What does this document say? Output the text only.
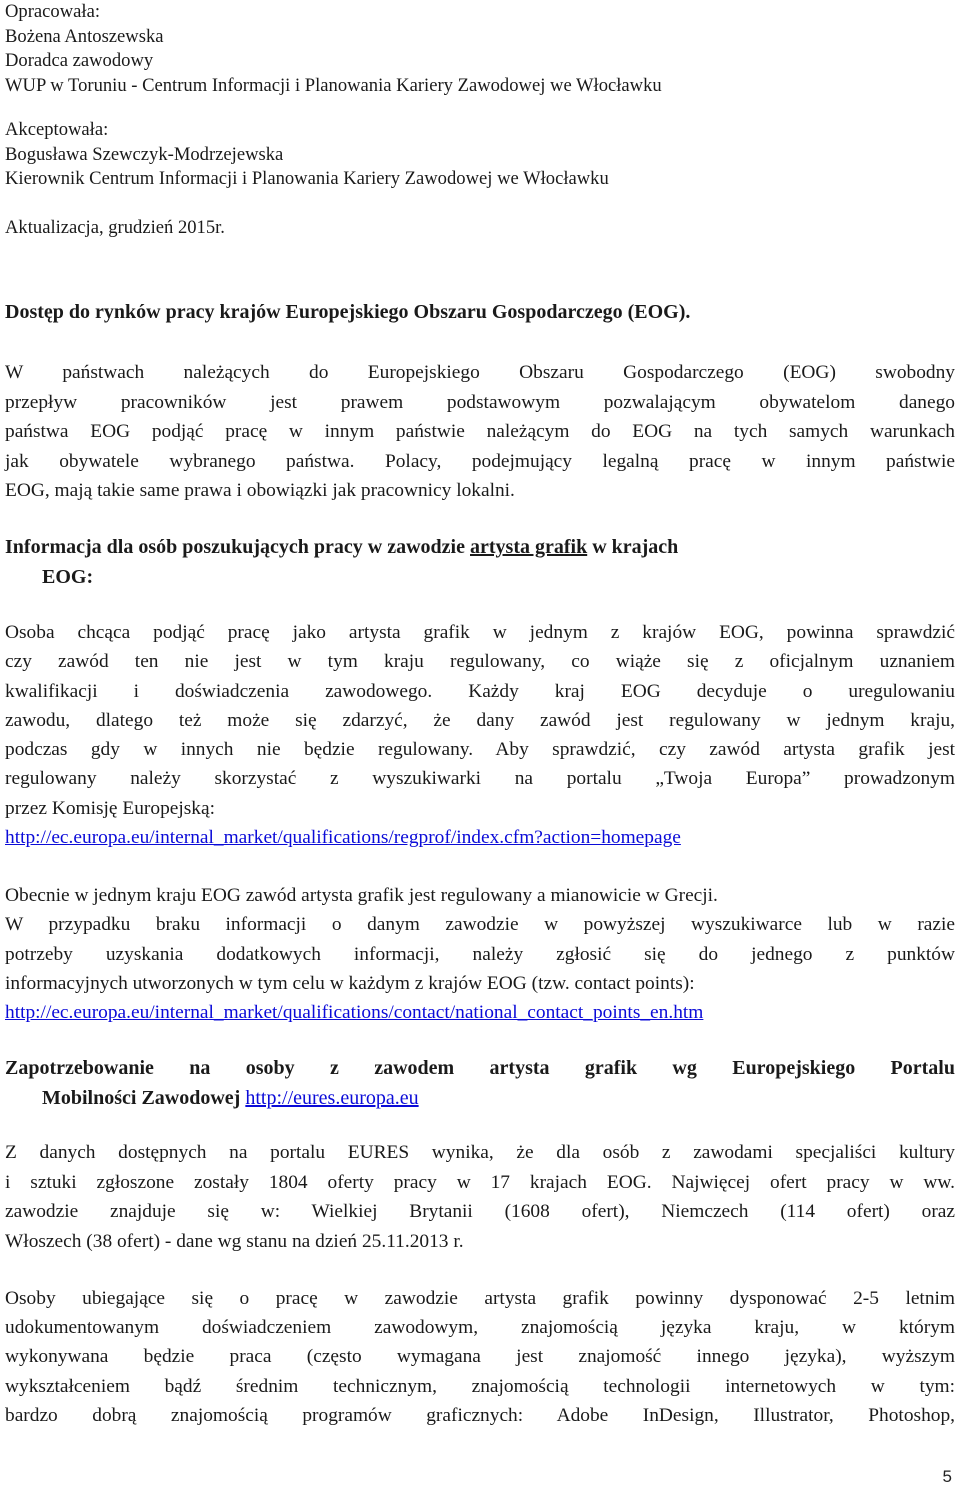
Opracowała:
Bożena Antoszewska
Doradca zawodowy
WUP w Toruniu - Centrum Informacji i Planowania Kariery Zawodowej we Włocławku
Akceptowała:
Bogusława Szewczyk-Modrzejewska
Kierownik Centrum Informacji i Planowania Kariery Zawodowej we Włocławku
Aktualizacja, grudzień 2015r.
Dostęp do rynków pracy krajów Europejskiego Obszaru Gospodarczego (EOG).
W państwach należących do Europejskiego Obszaru Gospodarczego (EOG) swobodny
przepływ pracowników jest prawem podstawowym pozwalającym obywatelom danego
państwa EOG podjąć pracę w innym państwie należącym do EOG na tych samych warunkach
jak obywatele wybranego państwa. Polacy, podejmujący legalną pracę w innym państwie
EOG, mają takie same prawa i obowiązki jak pracownicy lokalni.
Informacja dla osób poszukujących pracy w zawodzie artysta grafik w krajach
EOG:
Osoba chcąca podjąć pracę jako artysta grafik w jednym z krajów EOG, powinna sprawdzić
czy zawód ten nie jest w tym kraju regulowany, co wiąże się z oficjalnym uznaniem
kwalifikacji i doświadczenia zawodowego. Każdy kraj EOG decyduje o uregulowaniu
zawodu, dlatego też może się zdarzyć, że dany zawód jest regulowany w jednym kraju,
podczas gdy w innych nie będzie regulowany. Aby sprawdzić, czy zawód artysta grafik jest
regulowany należy skorzystać z wyszukiwarki na portalu „Twoja Europa” prowadzonym
przez Komisję Europejską:
http://ec.europa.eu/internal_market/qualifications/regprof/index.cfm?action=homepage
Obecnie w jednym kraju EOG zawód artysta grafik jest regulowany a mianowicie w Grecji.
W przypadku braku informacji o danym zawodzie w powyższej wyszukiwarce lub w razie
potrzeby uzyskania dodatkowych informacji, należy zgłosić się do jednego z punktów
informacyjnych utworzonych w tym celu w każdym z krajów EOG (tzw. contact points):
http://ec.europa.eu/internal_market/qualifications/contact/national_contact_points_en.htm
Zapotrzebowanie na osoby z zawodem artysta grafik wg Europejskiego Portalu
Mobilności Zawodowej http://eures.europa.eu
Z danych dostępnych na portalu EURES wynika, że dla osób z zawodami specjaliści kultury
i sztuki zgłoszone zostały 1804 oferty pracy w 17 krajach EOG. Najwięcej ofert pracy w ww.
zawodzie znajduje się w: Wielkiej Brytanii (1608 ofert), Niemczech (114 ofert) oraz
Włoszech (38 ofert) - dane wg stanu na dzień 25.11.2013 r.
Osoby ubiegające się o pracę w zawodzie artysta grafik powinny dysponować 2-5 letnim
udokumentowanym doświadczeniem zawodowym, znajomością języka kraju, w którym
wykonywana będzie praca (często wymagana jest znajomość innego języka), wyższym
wykształceniem bądź średnim technicznym, znajomością technologii internetowych w tym:
bardzo dobrą znajomością programów graficznych: Adobe InDesign, Illustrator, Photoshop,
5
